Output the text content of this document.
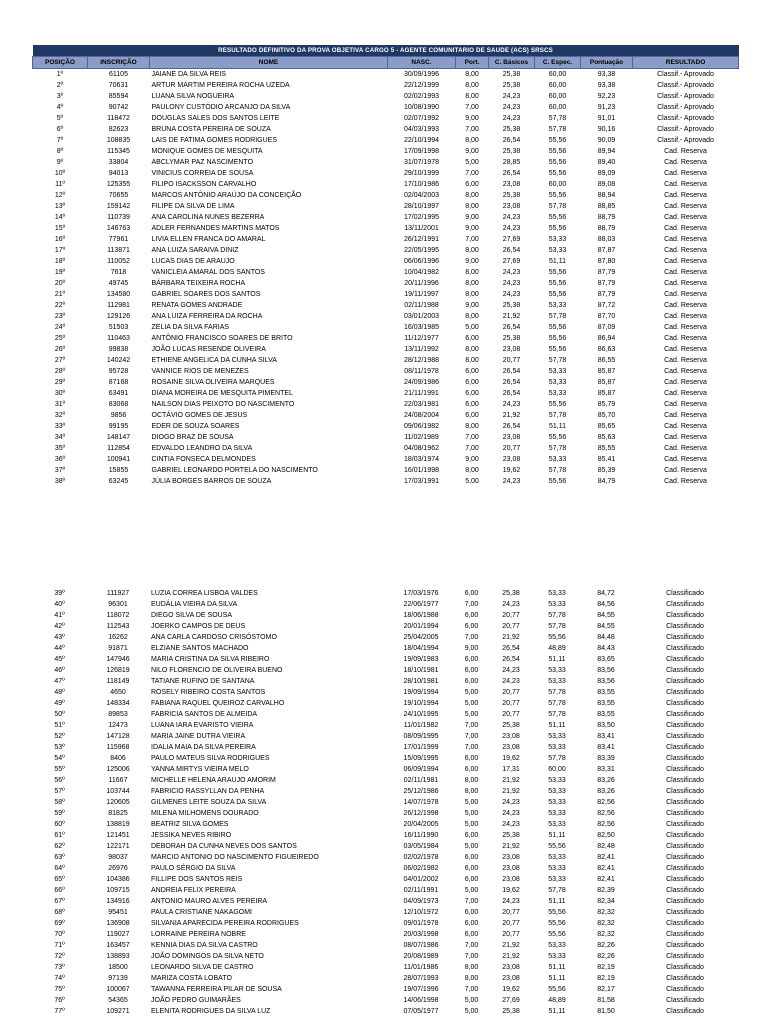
RESULTADO DEFINITIVO DA PROVA OBJETIVA CARGO 5 - AGENTE COMUNITARIO DE SAUDE (ACS) SRSCS								
POSIÇÃO	INSCRIÇÃO	NOME	NASC.	Port.	C. Básicos	C. Espec.	Pontuação	RESULTADO
1º	61105	JAIANE DA SILVA REIS	30/09/1996	8,00	25,38	60,00	93,38	Classif.- Aprovado
2º	70631	ARTUR MARTIM PEREIRA ROCHA UZEDA	22/12/1999	8,00	25,38	60,00	93,38	Classif.- Aprovado
3º	85594	LUANA SILVA NOGUEIRA	02/02/1993	8,00	24,23	60,00	92,23	Classif.- Aprovado
4º	90742	PAULONY CUSTÓDIO ARCANJO DA SILVA	10/08/1990	7,00	24,23	60,00	91,23	Classif.- Aprovado
5º	118472	DOUGLAS SALES DOS SANTOS LEITE	02/07/1992	9,00	24,23	57,78	91,01	Classif.- Aprovado
6º	82623	BRUNA COSTA PEREIRA DE SOUZA	04/03/1993	7,00	25,38	57,78	90,16	Classif.- Aprovado
7º	108835	LAIS DE FATIMA GOMES RODRIGUES	22/10/1994	8,00	26,54	55,56	90,09	Classif.- Aprovado
8º	115345	MONIQUE GOMES DE MESQUITA	17/09/1998	9,00	25,38	55,56	89,94	Cad. Reserva
9º	33804	ABCLYMAR PAZ NASCIMENTO	31/07/1978	5,00	28,85	55,56	89,40	Cad. Reserva
10º	94013	VINICIUS CORREIA DE SOUSA	29/10/1999	7,00	26,54	55,56	89,09	Cad. Reserva
11º	125355	FILIPO ISACKSSON CARVALHO	17/10/1986	6,00	23,08	60,00	89,08	Cad. Reserva
12º	70655	MARCOS ANTÔNIO ARAÚJO DA CONCEIÇÃO	02/04/2003	8,00	25,38	55,56	88,94	Cad. Reserva
13º	159142	FILIPE DA SILVA DE LIMA	28/10/1997	8,00	23,08	57,78	88,85	Cad. Reserva
14º	110739	ANA CAROLINA NUNES BEZERRA	17/02/1995	9,00	24,23	55,56	88,79	Cad. Reserva
15º	146763	ADLER FERNANDES MARTINS MATOS	13/11/2001	9,00	24,23	55,56	88,79	Cad. Reserva
16º	77961	LIVIA ELLEN FRANCA DO AMARAL	26/12/1991	7,00	27,69	53,33	88,03	Cad. Reserva
17º	113871	ANA LUIZA SARAIVA DINIZ	22/05/1995	8,00	26,54	53,33	87,87	Cad. Reserva
18º	110052	LUCAS DIAS DE ARAUJO	06/06/1996	9,00	27,69	51,11	87,80	Cad. Reserva
19º	7618	VANICLEIA AMARAL DOS SANTOS	10/04/1982	8,00	24,23	55,56	87,79	Cad. Reserva
20º	49745	BÁRBARA TEIXEIRA ROCHA	20/11/1996	8,00	24,23	55,56	87,79	Cad. Reserva
21º	134580	GABRIEL SOARES DOS SANTOS	19/11/1997	8,00	24,23	55,56	87,79	Cad. Reserva
22º	112981	RENATA GOMES ANDRADE	02/11/1988	9,00	25,38	53,33	87,72	Cad. Reserva
23º	129126	ANA LUIZA FERREIRA DA ROCHA	03/01/2003	8,00	21,92	57,78	87,70	Cad. Reserva
24º	51503	ZELIA DA SILVA FARIAS	16/03/1985	5,00	26,54	55,56	87,09	Cad. Reserva
25º	110463	ANTÔNIO FRANCISCO SOARES DE BRITO	11/12/1977	6,00	25,38	55,56	86,94	Cad. Reserva
26º	99838	JOÃO LUCAS RESENDE OLIVEIRA	13/11/1992	8,00	23,08	55,56	86,63	Cad. Reserva
27º	140242	ETHIENE ANGELICA DA CUNHA SILVA	28/12/1988	8,00	20,77	57,78	86,55	Cad. Reserva
28º	95728	VANNICE RIOS DE MENEZES	08/11/1978	6,00	26,54	53,33	85,87	Cad. Reserva
29º	87168	ROSAINE SILVA OLIVEIRA MARQUES	24/09/1986	6,00	26,54	53,33	85,87	Cad. Reserva
30º	63491	DIANA MOREIRA DE MESQUITA PIMENTEL	21/11/1991	6,00	26,54	53,33	85,87	Cad. Reserva
31º	83068	NAILSON DIAS PEIXOTO DO NASCIMENTO	22/03/1981	6,00	24,23	55,56	85,79	Cad. Reserva
32º	9856	OCTÁVIO GOMES DE JESUS	24/08/2004	6,00	21,92	57,78	85,70	Cad. Reserva
33º	99195	EDER DE SOUZA SOARES	09/06/1982	8,00	26,54	51,11	85,65	Cad. Reserva
34º	148147	DIOGO BRAZ DE SOUSA	11/02/1989	7,00	23,08	55,56	85,63	Cad. Reserva
35º	112854	EDVALDO LEANDRO DA SILVA	04/08/1962	7,00	20,77	57,78	85,55	Cad. Reserva
36º	100941	CINTIA FONSECA DELMONDES	18/03/1974	9,00	23,08	53,33	85,41	Cad. Reserva
37º	15855	GABRIEL LEONARDO PORTELA DO NASCIMENTO	16/01/1998	8,00	19,62	57,78	85,39	Cad. Reserva
38º	63245	JÚLIA BORGES BARROS DE SOUZA	17/03/1991	5,00	24,23	55,56	84,79	Cad. Reserva
39º	111927	LUZIA CORREA LISBOA VALDES	17/03/1976	6,00	25,38	53,33	84,72	Classificado
40º	96301	EUDÁLIA VIEIRA DA SILVA	22/06/1977	7,00	24,23	53,33	84,56	Classificado
41º	118072	DIEGO SILVA DE SOUSA	18/06/1988	6,00	20,77	57,78	84,55	Classificado
42º	112543	JOERKO CAMPOS DE DEUS	20/01/1994	6,00	20,77	57,78	84,55	Classificado
43º	16262	ANA CARLA CARDOSO CRISÓSTOMO	25/04/2005	7,00	21,92	55,56	84,48	Classificado
44º	91871	ELZIANE SANTOS MACHADO	18/04/1994	9,00	26,54	48,89	84,43	Classificado
45º	147946	MARIA CRISTINA DA SILVA RIBEIRO	19/09/1983	6,00	26,54	51,11	83,65	Classificado
46º	126819	NILO FLORENCIO DE OLIVEIRA BUENO	18/10/1981	6,00	24,23	53,33	83,56	Classificado
47º	118149	TATIANE RUFINO DE SANTANA	28/10/1981	6,00	24,23	53,33	83,56	Classificado
48º	4650	ROSELY RIBEIRO COSTA SANTOS	19/09/1994	5,00	20,77	57,78	83,55	Classificado
49º	148334	FABIANA RAQUEL QUEIROZ CARVALHO	19/10/1994	5,00	20,77	57,78	83,55	Classificado
50º	89853	FABRICIA SANTOS DE ALMEIDA	24/10/1995	5,00	20,77	57,78	83,55	Classificado
51º	12473	LUANA IARA EVARISTO VIEIRA	11/01/1982	7,00	25,38	51,11	83,50	Classificado
52º	147128	MARIA JAINE DUTRA VIEIRA	08/09/1995	7,00	23,08	53,33	83,41	Classificado
53º	115968	IDALIA MAIA DA SILVA PEREIRA	17/01/1999	7,00	23,08	53,33	83,41	Classificado
54º	8406	PAULO MATEUS SILVA RODRIGUES	15/09/1995	6,00	19,62	57,78	83,39	Classificado
55º	125006	YANNA MIRTYS VIEIRA MELO	06/09/1994	6,00	17,31	60,00	83,31	Classificado
56º	11667	MICHELLE HELENA ARAUJO AMORIM	02/11/1981	8,00	21,92	53,33	83,26	Classificado
57º	103744	FABRICIO RASSYLLAN DA PENHA	25/12/1986	8,00	21,92	53,33	83,26	Classificado
58º	120605	GILMENES LEITE SOUZA DA SILVA	14/07/1978	5,00	24,23	53,33	82,56	Classificado
59º	81825	MILENA MILHOMENS DOURADO	26/12/1998	5,00	24,23	53,33	82,56	Classificado
60º	138819	BEATRIZ SILVA GOMES	20/04/2005	5,00	24,23	53,33	82,56	Classificado
61º	121451	JESSIKA NEVES RIBIRO	16/11/1990	6,00	25,38	51,11	82,50	Classificado
62º	122171	DEBORAH DA CUNHA NEVES DOS SANTOS	03/05/1984	5,00	21,92	55,56	82,48	Classificado
63º	98037	MARCIO ANTONIO DO NASCIMENTO FIGUEIREDO	02/02/1978	6,00	23,08	53,33	82,41	Classificado
64º	26976	PAULO SÉRGIO DA SILVA	06/02/1982	6,00	23,08	53,33	82,41	Classificado
65º	104386	FILLIPE DOS SANTOS REIS	04/01/2002	6,00	23,08	53,33	82,41	Classificado
66º	109715	ANDREIA FELIX PEREIRA	02/11/1991	5,00	19,62	57,78	82,39	Classificado
67º	134916	ANTONIO MAURO ALVES PEREIRA	04/09/1973	7,00	24,23	51,11	82,34	Classificado
68º	95451	PAULA CRISTIANE NAKAGOMI	12/10/1972	6,00	20,77	55,56	82,32	Classificado
69º	136908	SILVANIA APARECIDA PEREIRA RODRIGUES	09/01/1978	6,00	20,77	55,56	82,32	Classificado
70º	119027	LORRAINE PEREIRA NOBRE	20/03/1998	6,00	20,77	55,56	82,32	Classificado
71º	163457	KENNIA DIAS DA SILVA CASTRO	08/07/1986	7,00	21,92	53,33	82,26	Classificado
72º	138893	JOÃO DOMINGOS DA SILVA NETO	20/08/1989	7,00	21,92	53,33	82,26	Classificado
73º	18500	LEONARDO SILVA DE CASTRO	11/01/1986	8,00	23,08	51,11	82,19	Classificado
74º	97139	MARIZA COSTA LOBATO	28/07/1993	8,00	23,08	51,11	82,19	Classificado
75º	100067	TAWANNA FERREIRA PILAR DE SOUSA	19/07/1996	7,00	19,62	55,56	82,17	Classificado
76º	54365	JOÃO PEDRO GUIMARÃES	14/06/1998	5,00	27,69	48,89	81,58	Classificado
77º	109271	ELENITA RODRIGUES DA SILVA LUZ	07/05/1977	5,00	25,38	51,11	81,50	Classificado
